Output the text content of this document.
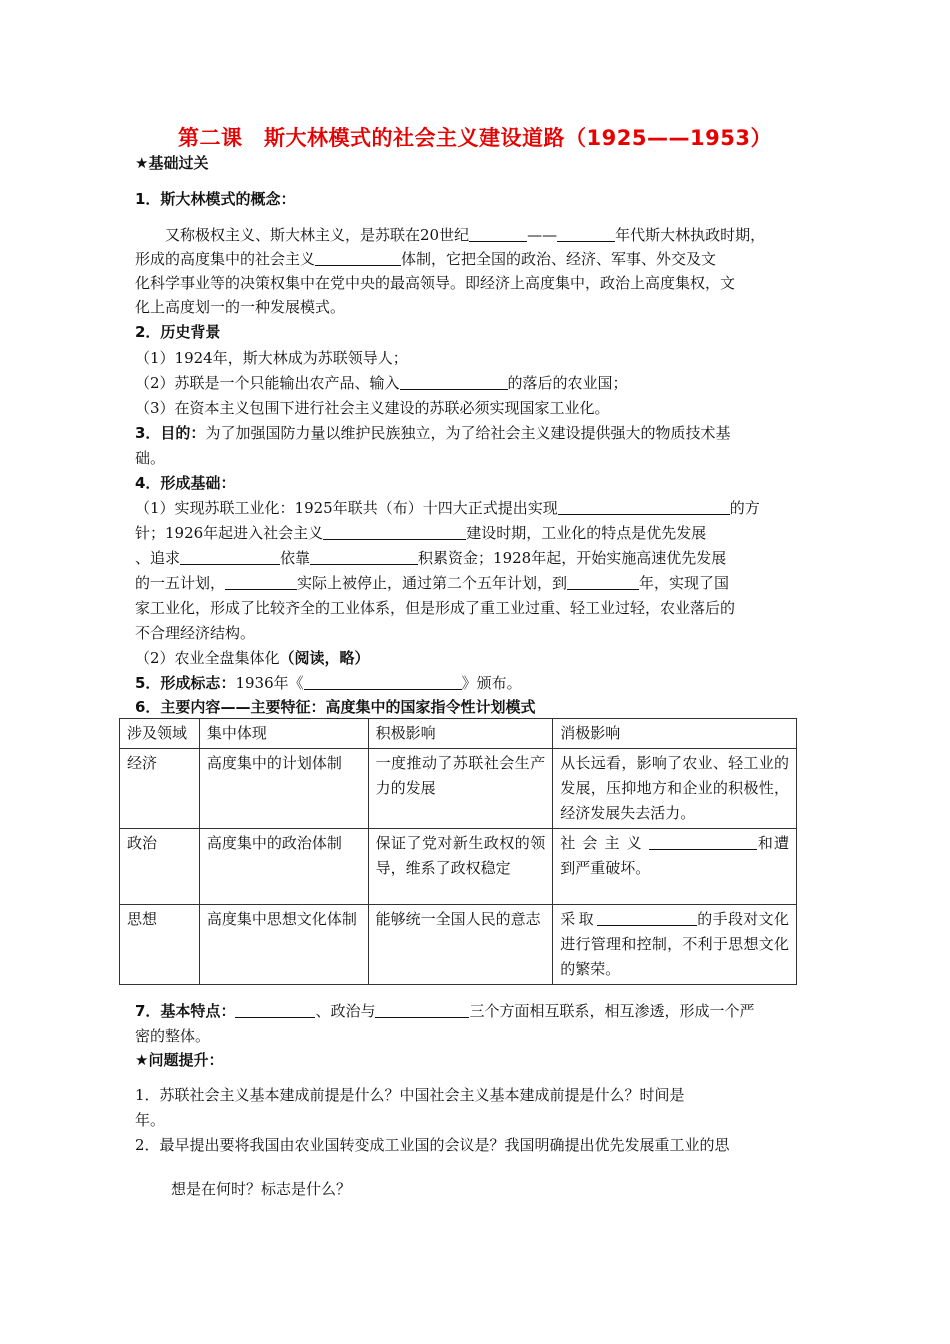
第二课　斯大林模式的社会主义建设道路（1925——1953）
★基础过关
1．斯大林模式的概念：
又称极权主义、斯大林主义，是苏联在20世纪	——	年代斯大林执政时期，
形成的高度集中的社会主义	体制，它把全国的政治、经济、军事、外交及文
化科学事业等的决策权集中在党中央的最高领导。即经济上高度集中，政治上高度集权，文
化上高度划一的一种发展模式。
2．历史背景
（1）1924年，斯大林成为苏联领导人；
（2）苏联是一个只能输出农产品、输入	的落后的农业国；
（3）在资本主义包围下进行社会主义建设的苏联必须实现国家工业化。
3．目的：为了加强国防力量以维护民族独立，为了给社会主义建设提供强大的物质技术基
础。
4．形成基础：
（1）实现苏联工业化：1925年联共（布）十四大正式提出实现	的方
针；1926年起进入社会主义	建设时期，工业化的特点是优先发展
、追求	依靠	积累资金；1928年起，开始实施高速优先发展
的一五计划，	实际上被停止，通过第二个五年计划，到	年，实现了国
家工业化，形成了比较齐全的工业体系，但是形成了重工业过重、轻工业过轻，农业落后的
不合理经济结构。
（2）农业全盘集体化（阅读，略）
5．形成标志：1936年《	》颁布。
6．主要内容——主要特征：高度集中的国家指令性计划模式
涉及领域	集中体现	积极影响	消极影响
经济	高度集中的计划体制	一度推动了苏联社会生产力的发展	从长远看，影响了农业、轻工业的发展，压抑地方和企业的积极性，经济发展失去活力。
政治	高度集中的政治体制	保证了党对新生政权的领导，维系了政权稳定	社会主义 和遭到严重破坏。
思想	高度集中思想文化体制	能够统一全国人民的意志	采取 的手段对文化进行管理和控制，不利于思想文化的繁荣。
7．基本特点：	、政治与	三个方面相互联系，相互渗透，形成一个严
密的整体。
★问题提升：
1．苏联社会主义基本建成前提是什么？中国社会主义基本建成前提是什么？时间是
年。
2．最早提出要将我国由农业国转变成工业国的会议是？我国明确提出优先发展重工业的思
想是在何时？标志是什么？
